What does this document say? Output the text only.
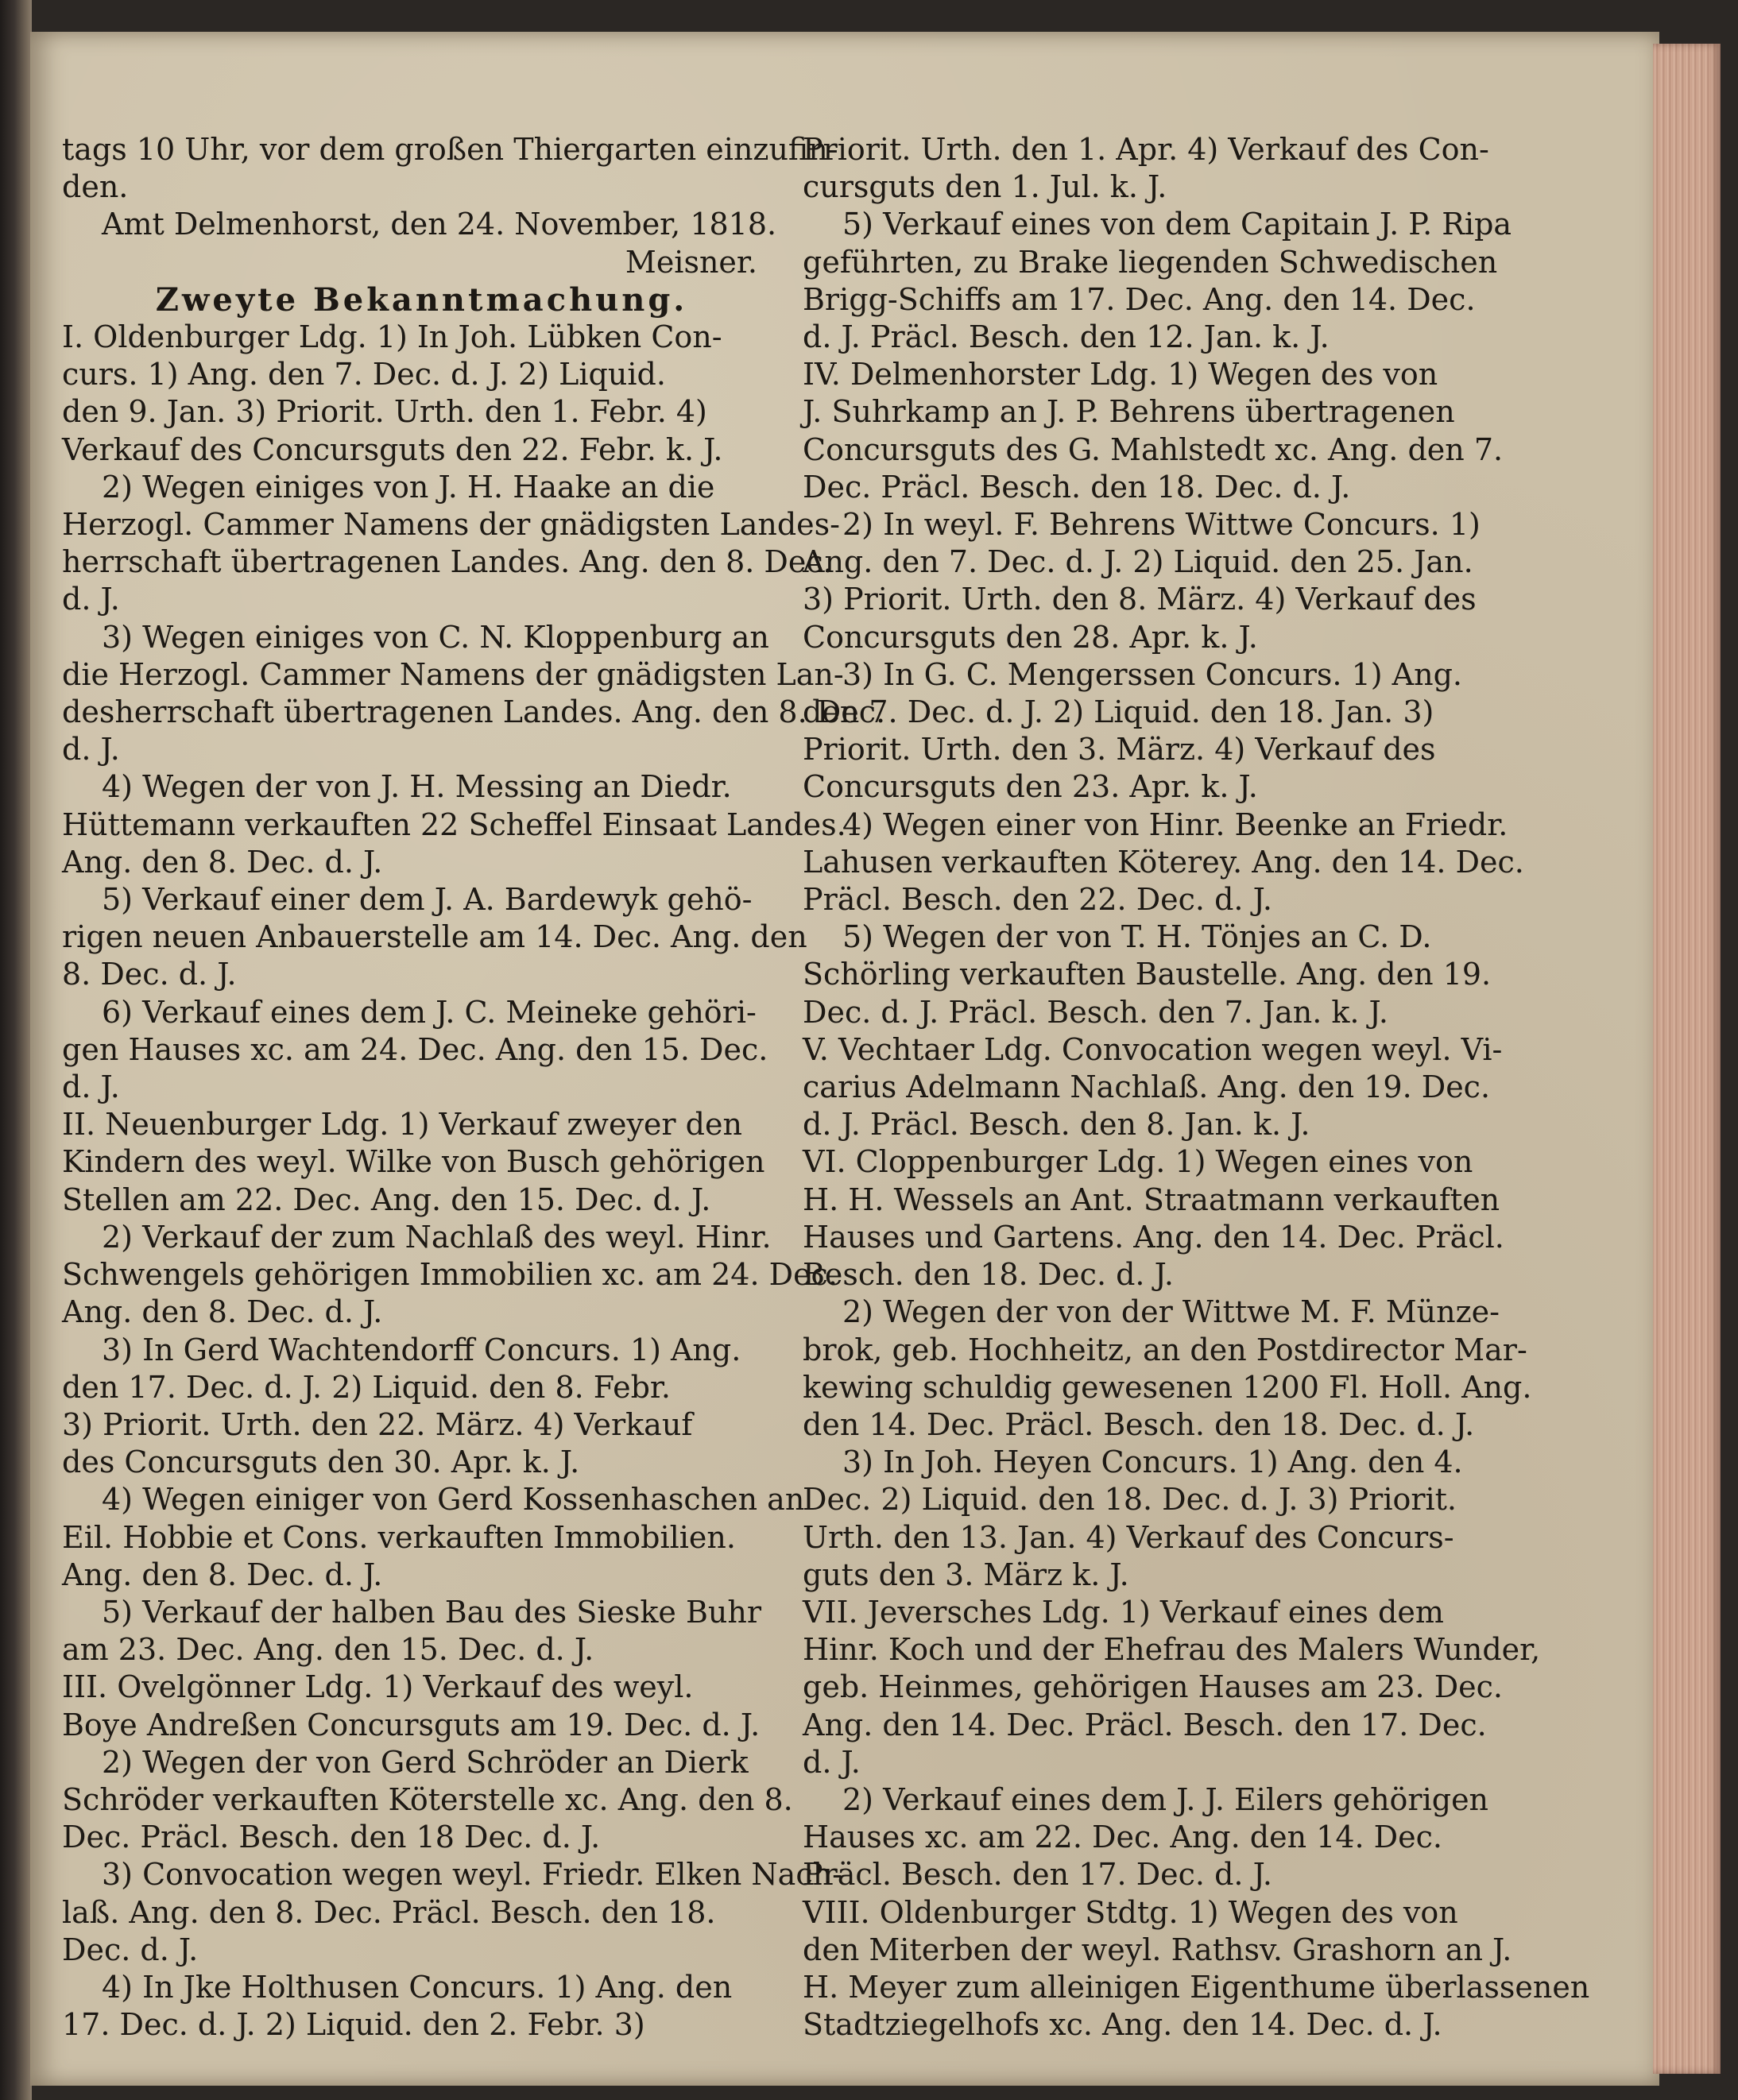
tags 10 Uhr, vor dem großen Thiergarten einzufin-
den.
Amt Delmenhorst, den 24. November, 1818.
Meisner.
Zweyte Bekanntmachung.
I. Oldenburger Ldg. 1) In Joh. Lübken Con-
curs. 1) Ang. den 7. Dec. d. J. 2) Liquid.
den 9. Jan. 3) Priorit. Urth. den 1. Febr. 4)
Verkauf des Concursguts den 22. Febr. k. J.
2) Wegen einiges von J. H. Haake an die
Herzogl. Cammer Namens der gnädigsten Landes-
herrschaft übertragenen Landes. Ang. den 8. Dec.
d. J.
3) Wegen einiges von C. N. Kloppenburg an
die Herzogl. Cammer Namens der gnädigsten Lan-
desherrschaft übertragenen Landes. Ang. den 8. Dec.
d. J.
4) Wegen der von J. H. Messing an Diedr.
Hüttemann verkauften 22 Scheffel Einsaat Landes.
Ang. den 8. Dec. d. J.
5) Verkauf einer dem J. A. Bardewyk gehö-
rigen neuen Anbauerstelle am 14. Dec. Ang. den
8. Dec. d. J.
6) Verkauf eines dem J. C. Meineke gehöri-
gen Hauses xc. am 24. Dec. Ang. den 15. Dec.
d. J.
II. Neuenburger Ldg. 1) Verkauf zweyer den
Kindern des weyl. Wilke von Busch gehörigen
Stellen am 22. Dec. Ang. den 15. Dec. d. J.
2) Verkauf der zum Nachlaß des weyl. Hinr.
Schwengels gehörigen Immobilien xc. am 24. Dec.
Ang. den 8. Dec. d. J.
3) In Gerd Wachtendorff Concurs. 1) Ang.
den 17. Dec. d. J. 2) Liquid. den 8. Febr.
3) Priorit. Urth. den 22. März. 4) Verkauf
des Concursguts den 30. Apr. k. J.
4) Wegen einiger von Gerd Kossenhaschen an
Eil. Hobbie et Cons. verkauften Immobilien.
Ang. den 8. Dec. d. J.
5) Verkauf der halben Bau des Sieske Buhr
am 23. Dec. Ang. den 15. Dec. d. J.
III. Ovelgönner Ldg. 1) Verkauf des weyl.
Boye Andreßen Concursguts am 19. Dec. d. J.
2) Wegen der von Gerd Schröder an Dierk
Schröder verkauften Köterstelle xc. Ang. den 8.
Dec. Präcl. Besch. den 18 Dec. d. J.
3) Convocation wegen weyl. Friedr. Elken Nach-
laß. Ang. den 8. Dec. Präcl. Besch. den 18.
Dec. d. J.
4) In Jke Holthusen Concurs. 1) Ang. den
17. Dec. d. J. 2) Liquid. den 2. Febr. 3)
Priorit. Urth. den 1. Apr. 4) Verkauf des Con-
cursguts den 1. Jul. k. J.
5) Verkauf eines von dem Capitain J. P. Ripa
geführten, zu Brake liegenden Schwedischen
Brigg-Schiffs am 17. Dec. Ang. den 14. Dec.
d. J. Präcl. Besch. den 12. Jan. k. J.
IV. Delmenhorster Ldg. 1) Wegen des von
J. Suhrkamp an J. P. Behrens übertragenen
Concursguts des G. Mahlstedt xc. Ang. den 7.
Dec. Präcl. Besch. den 18. Dec. d. J.
2) In weyl. F. Behrens Wittwe Concurs. 1)
Ang. den 7. Dec. d. J. 2) Liquid. den 25. Jan.
3) Priorit. Urth. den 8. März. 4) Verkauf des
Concursguts den 28. Apr. k. J.
3) In G. C. Mengerssen Concurs. 1) Ang.
den 7. Dec. d. J. 2) Liquid. den 18. Jan. 3)
Priorit. Urth. den 3. März. 4) Verkauf des
Concursguts den 23. Apr. k. J.
4) Wegen einer von Hinr. Beenke an Friedr.
Lahusen verkauften Köterey. Ang. den 14. Dec.
Präcl. Besch. den 22. Dec. d. J.
5) Wegen der von T. H. Tönjes an C. D.
Schörling verkauften Baustelle. Ang. den 19.
Dec. d. J. Präcl. Besch. den 7. Jan. k. J.
V. Vechtaer Ldg. Convocation wegen weyl. Vi-
carius Adelmann Nachlaß. Ang. den 19. Dec.
d. J. Präcl. Besch. den 8. Jan. k. J.
VI. Cloppenburger Ldg. 1) Wegen eines von
H. H. Wessels an Ant. Straatmann verkauften
Hauses und Gartens. Ang. den 14. Dec. Präcl.
Besch. den 18. Dec. d. J.
2) Wegen der von der Wittwe M. F. Münze-
brok, geb. Hochheitz, an den Postdirector Mar-
kewing schuldig gewesenen 1200 Fl. Holl. Ang.
den 14. Dec. Präcl. Besch. den 18. Dec. d. J.
3) In Joh. Heyen Concurs. 1) Ang. den 4.
Dec. 2) Liquid. den 18. Dec. d. J. 3) Priorit.
Urth. den 13. Jan. 4) Verkauf des Concurs-
guts den 3. März k. J.
VII. Jeversches Ldg. 1) Verkauf eines dem
Hinr. Koch und der Ehefrau des Malers Wunder,
geb. Heinmes, gehörigen Hauses am 23. Dec.
Ang. den 14. Dec. Präcl. Besch. den 17. Dec.
d. J.
2) Verkauf eines dem J. J. Eilers gehörigen
Hauses xc. am 22. Dec. Ang. den 14. Dec.
Präcl. Besch. den 17. Dec. d. J.
VIII. Oldenburger Stdtg. 1) Wegen des von
den Miterben der weyl. Rathsv. Grashorn an J.
H. Meyer zum alleinigen Eigenthume überlassenen
Stadtziegelhofs xc. Ang. den 14. Dec. d. J.
